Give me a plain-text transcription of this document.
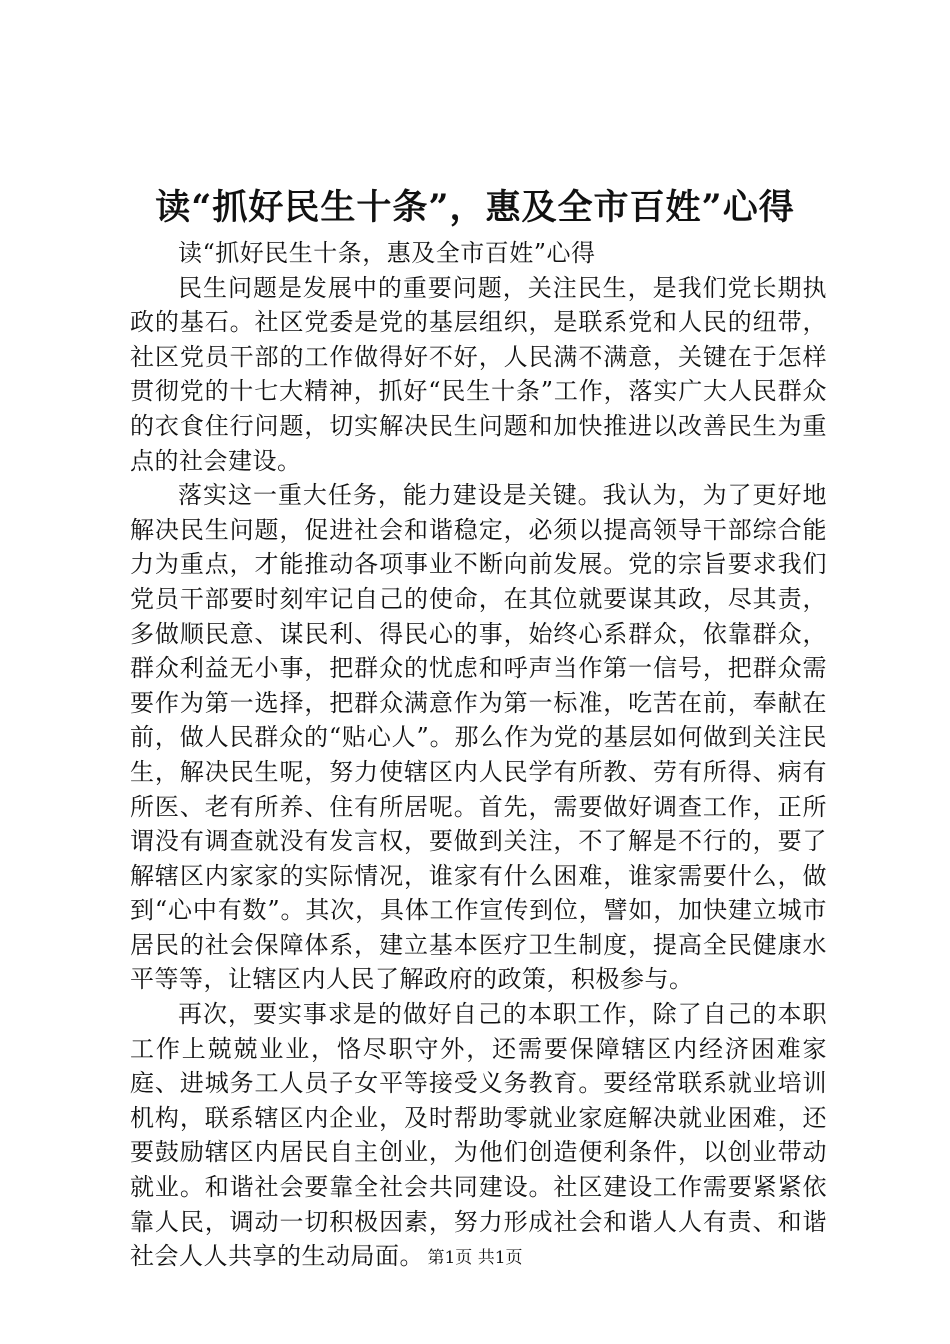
读“抓好民生十条”，惠及全市百姓”心得

读“抓好民生十条，惠及全市百姓”心得

民生问题是发展中的重要问题，关注民生，是我们党长期执政的基石。社区党委是党的基层组织，是联系党和人民的纽带，社区党员干部的工作做得好不好，人民满不满意，关键在于怎样贯彻党的十七大精神，抓好“民生十条”工作，落实广大人民群众的衣食住行问题，切实解决民生问题和加快推进以改善民生为重点的社会建设。

落实这一重大任务，能力建设是关键。我认为，为了更好地解决民生问题，促进社会和谐稳定，必须以提高领导干部综合能力为重点，才能推动各项事业不断向前发展。党的宗旨要求我们党员干部要时刻牢记自己的使命，在其位就要谋其政，尽其责，多做顺民意、谋民利、得民心的事，始终心系群众，依靠群众，群众利益无小事，把群众的忧虑和呼声当作第一信号，把群众需要作为第一选择，把群众满意作为第一标准，吃苦在前，奉献在前，做人民群众的“贴心人”。那么作为党的基层如何做到关注民生，解决民生呢，努力使辖区内人民学有所教、劳有所得、病有所医、老有所养、住有所居呢。首先，需要做好调查工作，正所谓没有调查就没有发言权，要做到关注，不了解是不行的，要了解辖区内家家的实际情况，谁家有什么困难，谁家需要什么，做到“心中有数”。其次，具体工作宣传到位，譬如，加快建立城市居民的社会保障体系，建立基本医疗卫生制度，提高全民健康水平等等，让辖区内人民了解政府的政策，积极参与。

再次，要实事求是的做好自己的本职工作，除了自己的本职工作上兢兢业业，恪尽职守外，还需要保障辖区内经济困难家庭、进城务工人员子女平等接受义务教育。要经常联系就业培训机构，联系辖区内企业，及时帮助零就业家庭解决就业困难，还要鼓励辖区内居民自主创业，为他们创造便利条件，以创业带动就业。和谐社会要靠全社会共同建设。社区建设工作需要紧紧依靠人民，调动一切积极因素，努力形成社会和谐人人有责、和谐社会人人共享的生动局面。 第1页 共1页
